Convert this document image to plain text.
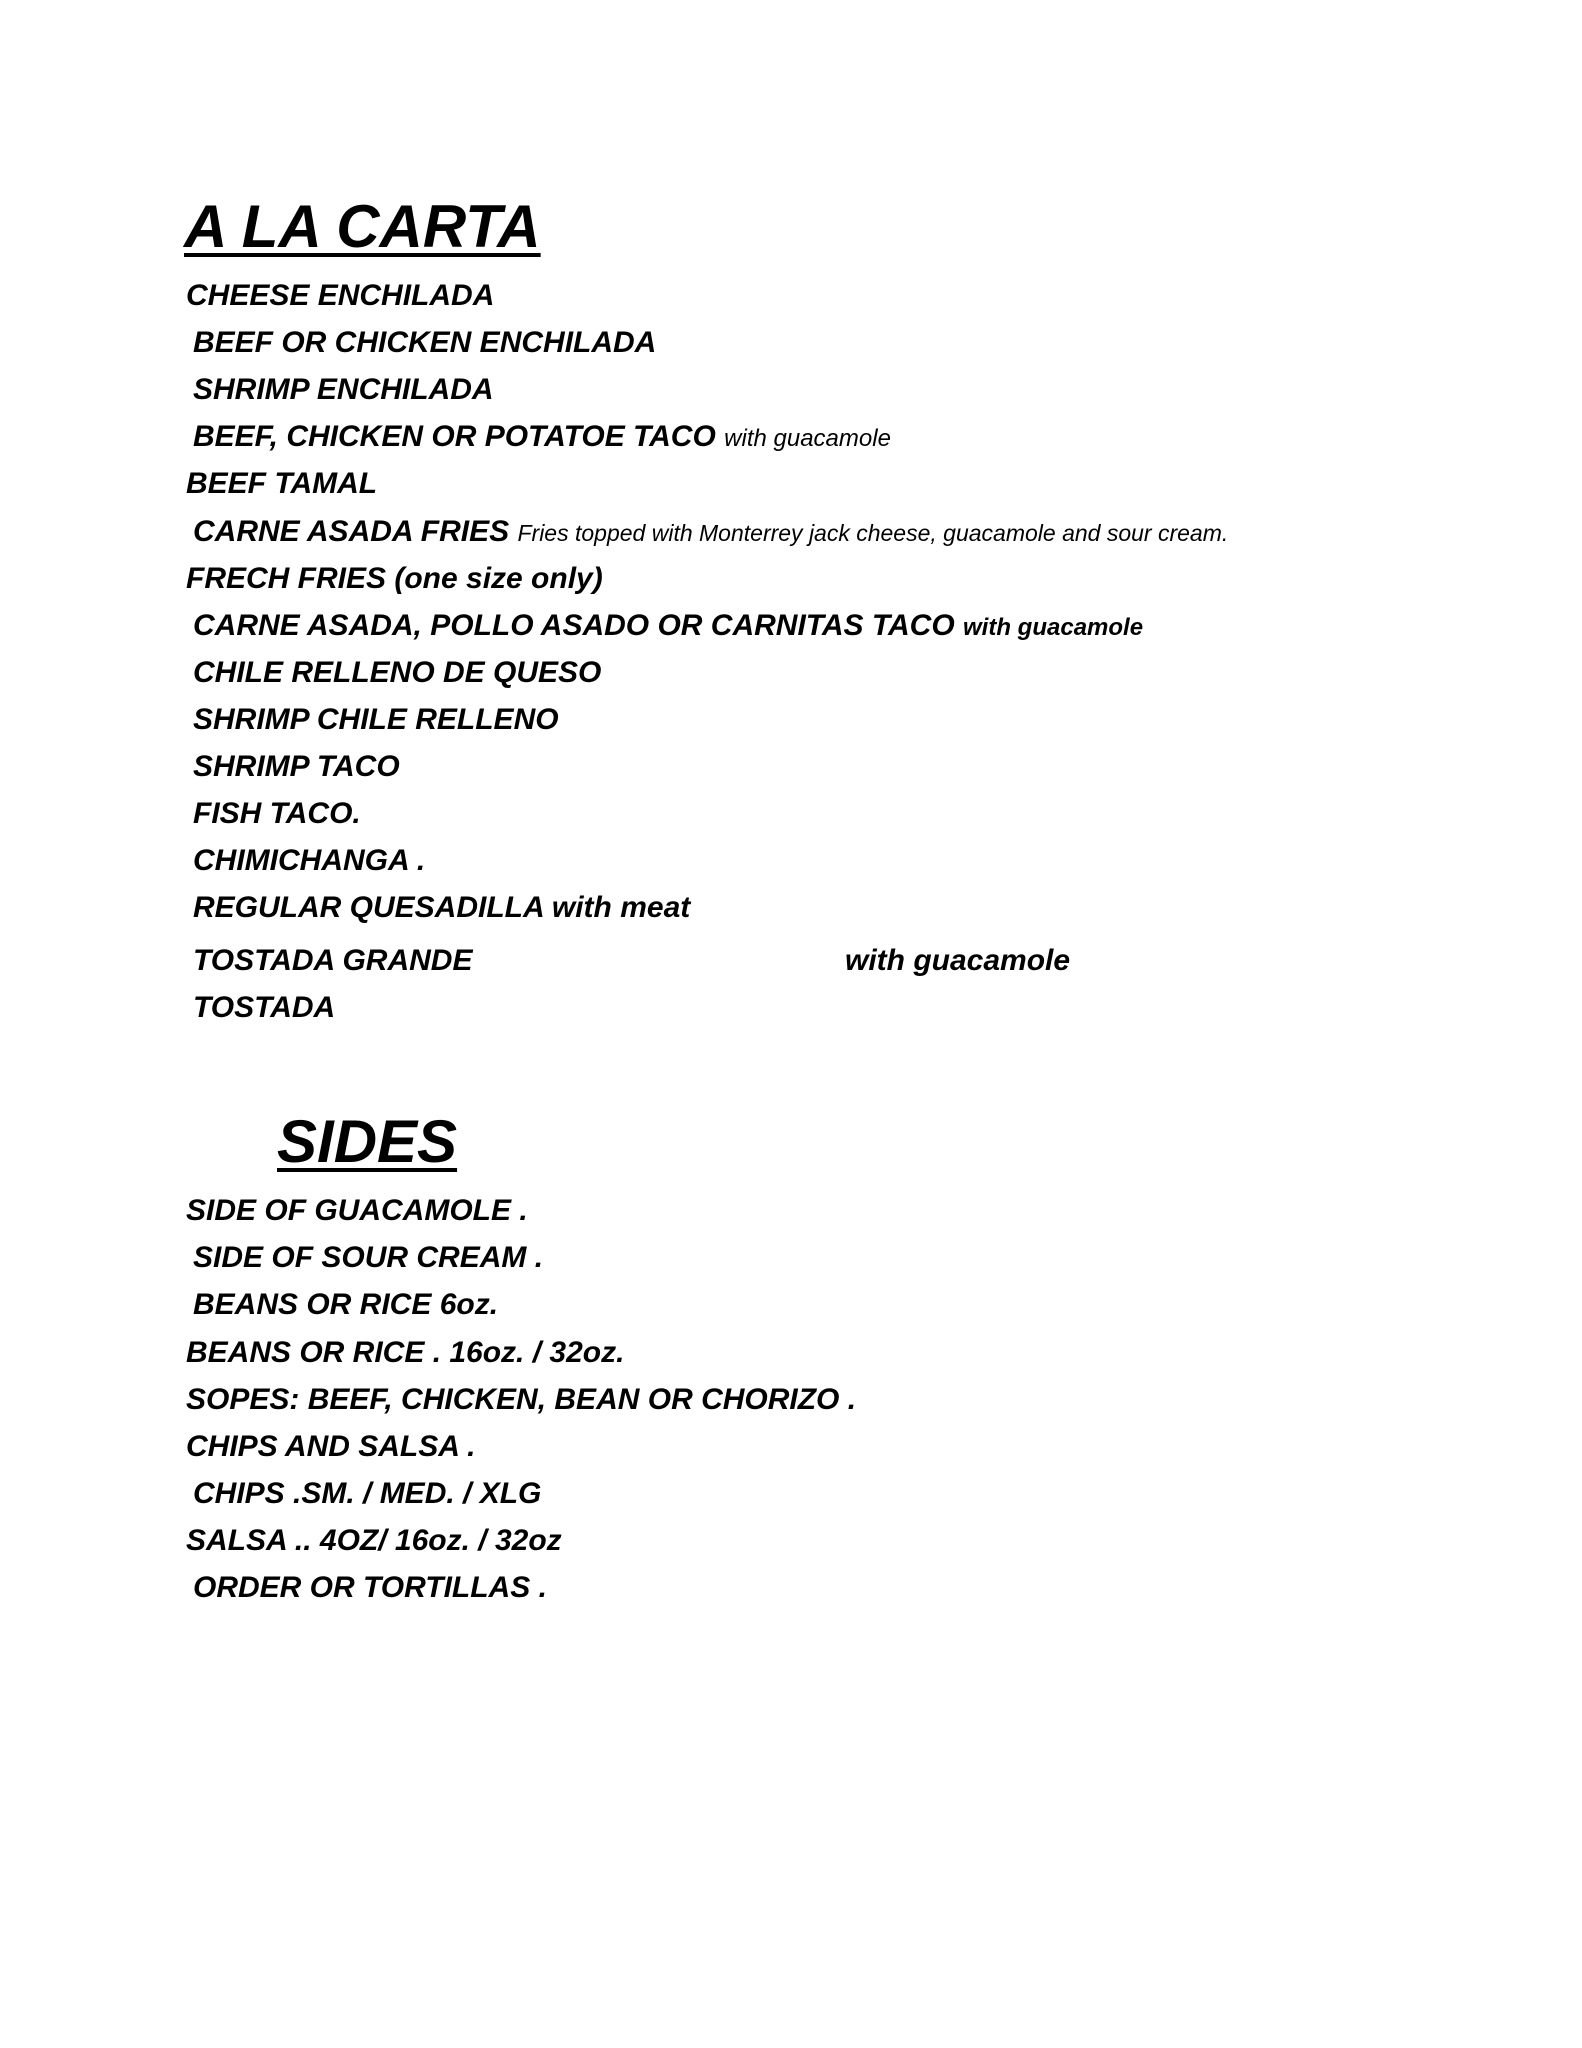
A LA CARTA
CHEESE ENCHILADA
BEEF OR CHICKEN ENCHILADA
SHRIMP ENCHILADA
BEEF, CHICKEN OR POTATOE TACO with guacamole
BEEF TAMAL
CARNE ASADA FRIES Fries topped with Monterrey jack cheese, guacamole and sour cream.
FRECH FRIES (one size only)
CARNE ASADA, POLLO ASADO OR CARNITAS TACO with guacamole
CHILE RELLENO DE QUESO
SHRIMP CHILE RELLENO
SHRIMP TACO
FISH TACO.
CHIMICHANGA .
REGULAR QUESADILLA with meat
TOSTADA GRANDE	with guacamole
TOSTADA
SIDES
SIDE OF GUACAMOLE .
SIDE OF SOUR CREAM .
BEANS OR RICE 6oz.
BEANS OR RICE . 16oz. / 32oz.
SOPES: BEEF, CHICKEN, BEAN OR CHORIZO .
CHIPS AND SALSA .
CHIPS .SM. / MED. / XLG
SALSA .. 4OZ/ 16oz. / 32oz
ORDER OR TORTILLAS .
